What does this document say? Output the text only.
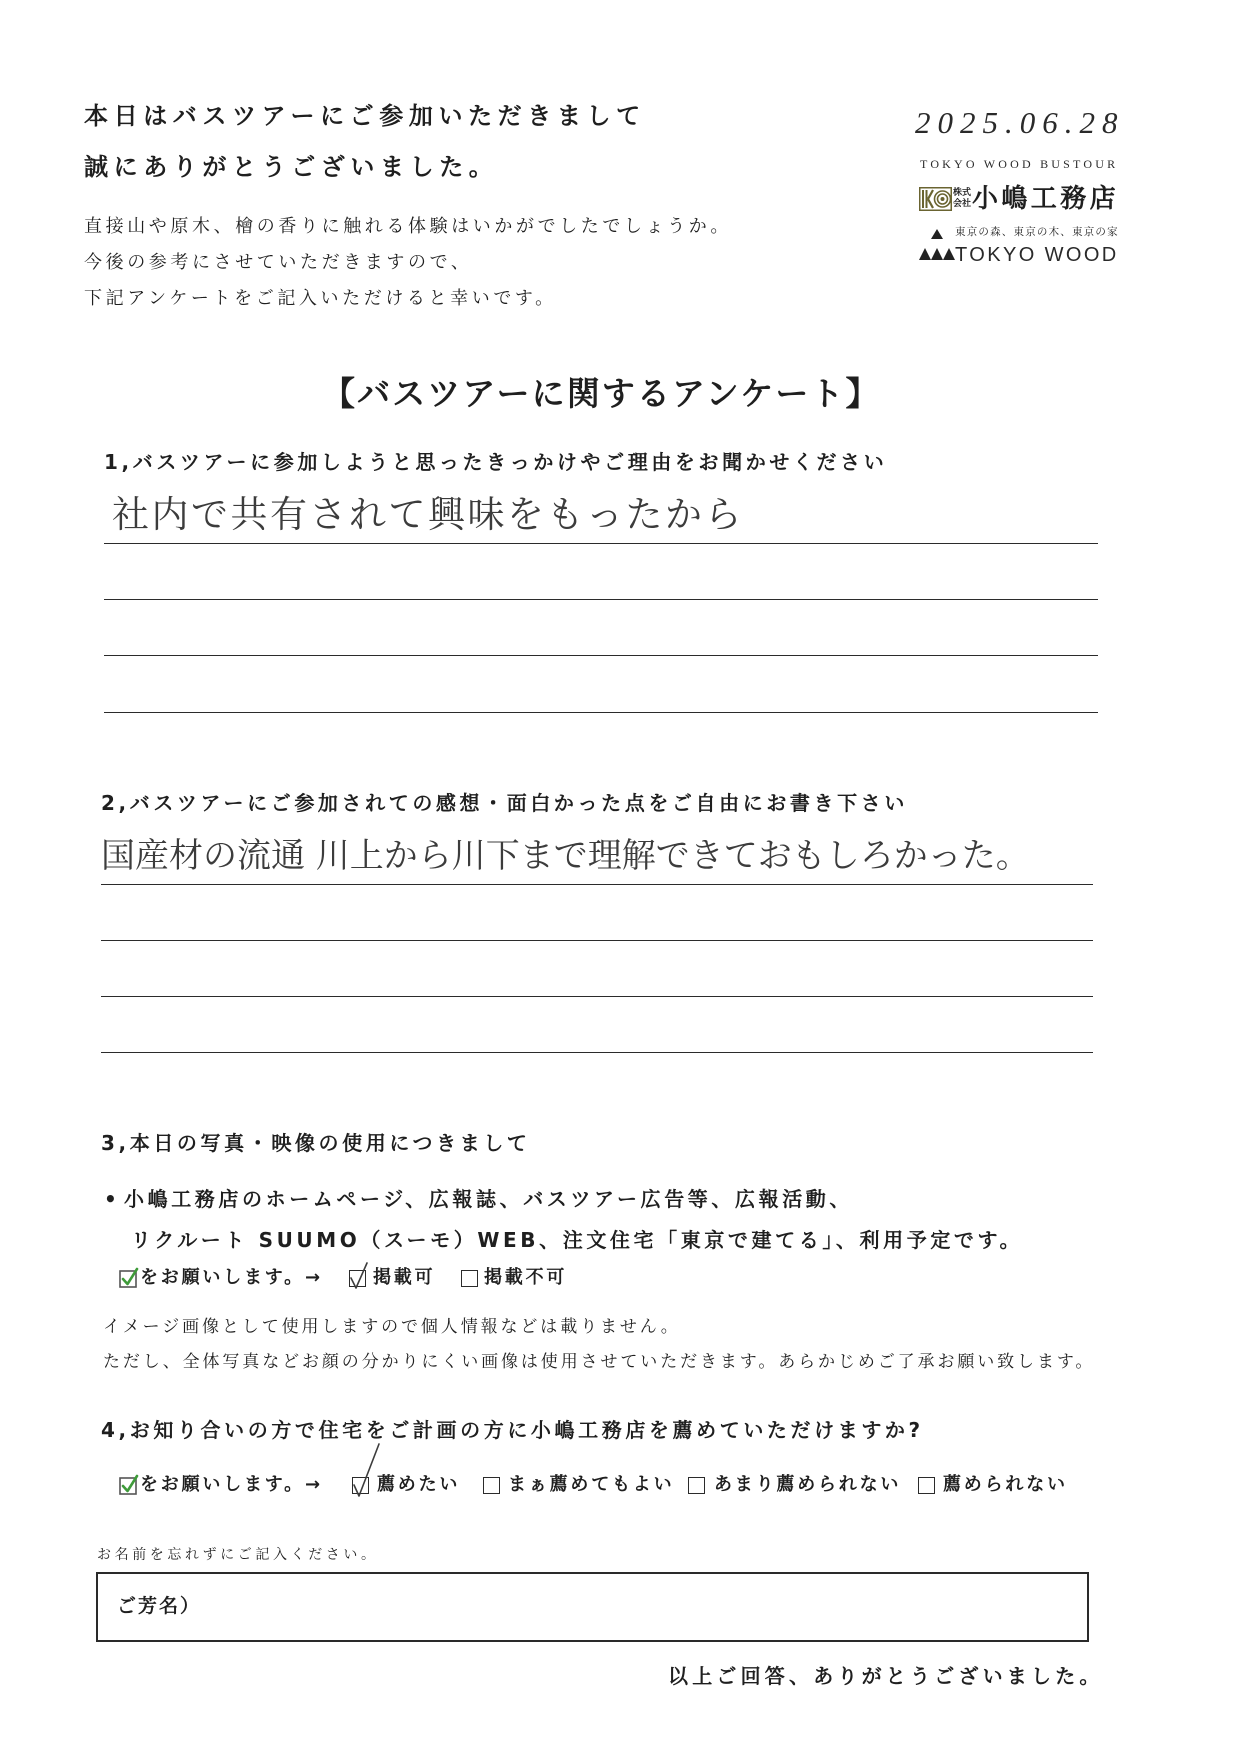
本日はバスツアーにご参加いただきまして
誠にありがとうございました。
直接山や原木、檜の香りに触れる体験はいかがでしたでしょうか。
今後の参考にさせていただきますので、
下記アンケートをご記入いただけると幸いです。
2025.06.28
TOKYO WOOD BUSTOUR
株式
会社 小嶋工務店
東京の森、東京の木、東京の家
TOKYO WOOD
【バスツアーに関するアンケート】
1,バスツアーに参加しようと思ったきっかけやご理由をお聞かせください
社内で共有されて興味をもったから
2,バスツアーにご参加されての感想・面白かった点をご自由にお書き下さい
国産材の流通 川上から川下まで理解できておもしろかった。
3,本日の写真・映像の使用につきまして
• 小嶋工務店のホームページ、広報誌、バスツアー広告等、広報活動、
リクルート SUUMO（スーモ）WEB、注文住宅「東京で建てる」、利用予定です。
をお願いします。→	掲載可	掲載不可
イメージ画像として使用しますので個人情報などは載りません。
ただし、全体写真などお顔の分かりにくい画像は使用させていただきます。あらかじめご了承お願い致します。
4,お知り合いの方で住宅をご計画の方に小嶋工務店を薦めていただけますか?
をお願いします。→	薦めたい	まぁ薦めてもよい あまり薦められない 薦められない
お名前を忘れずにご記入ください。
ご芳名）
以上ご回答、ありがとうございました。
